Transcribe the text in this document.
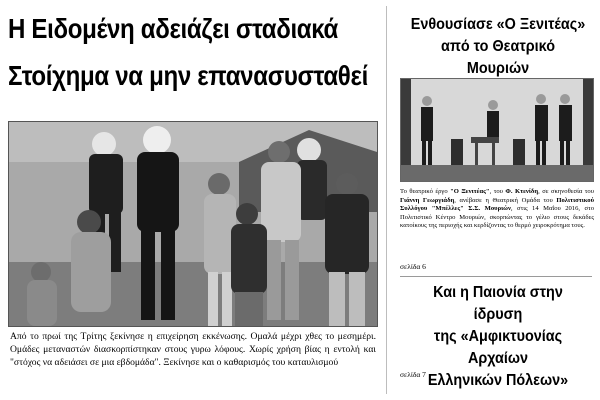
Η Ειδομένη αδειάζει σταδιακά
Στοίχημα να μην επανασυσταθεί
Από το πρωί της Τρίτης ξεκίνησε η επιχείρηση εκκένωσης. Ομαλά μέχρι χθες το μεσημέρι. Ομάδες μεταναστών διασκορπίστηκαν στους γυρω λόφους. Χωρίς χρήση βίας η εντολή και "στόχος να αδειάσει σε μια εβδομάδα". Ξεκίνησε και ο καθαρισμός του καταυλισμού
Ενθουσίασε «Ο Ξενιτέας»
από το Θεατρικό Μουριών
Το θεατρικό έργο "Ο Ξενιτέας", του Φ. Κτενίδη, σε σκηνοθεσία του Γιάννη Γεωργιάδη, ανέβασε η Θεατρική Ομάδα του Πολιτιστικού Συλλόγου "Μπέλλες" Σ.Σ. Μουριών, στις 14 Μαΐου 2016, στο Πολιτιστικό Κέντρο Μουριών, σκορπώντας το γέλιο στους δεκάδες κατοίκους της περιοχής και κερδίζοντας το θερμό χειροκρότημα τους.
σελίδα 6
Και η Παιονία στην ίδρυση
της «Αμφικτυονίας Αρχαίων
Ελληνικών Πόλεων»
σελίδα 7
